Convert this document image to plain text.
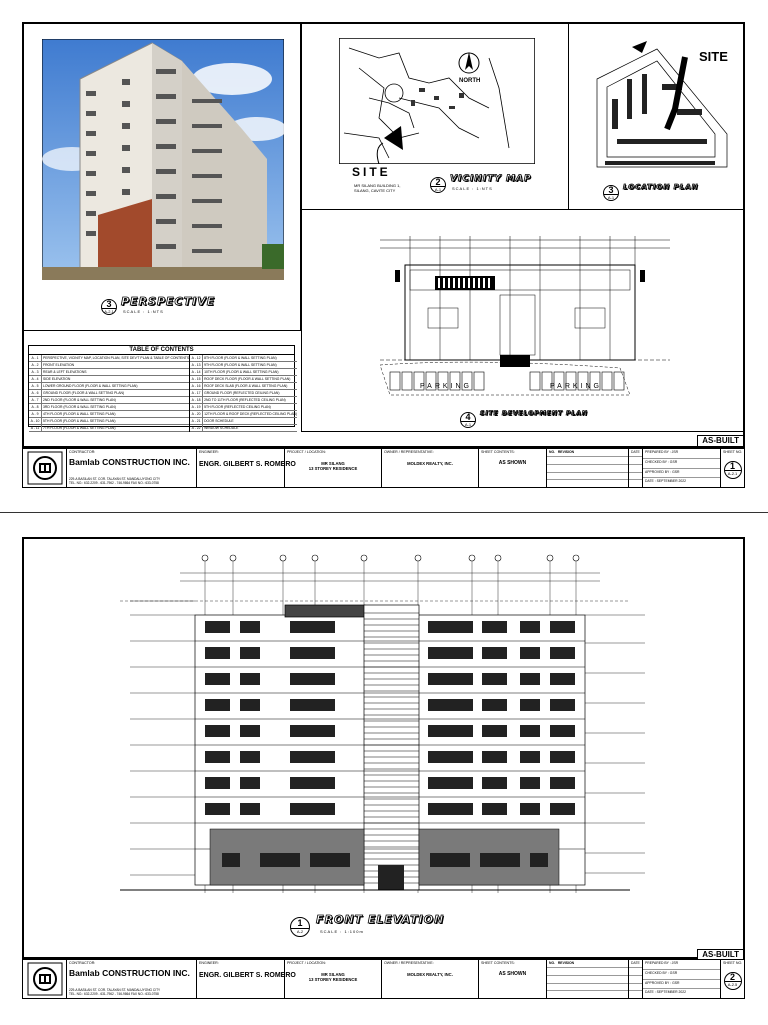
3
A-2.1
PERSPECTIVE
SCALE : 1:NTS
NORTH
SITE
MR SILANG BUILDING 1,
SILANG, CAVITE CITY
2
A-1
VICINITY MAP
SCALE : 1:NTS
SITE
3
A-1
LOCATION PLAN
PARKING	PARKING
4
A-1
SITE DEVELOPMENT PLAN
TABLE OF CONTENTS
A - 1	PERSPECTIVE, VICINITY MAP, LOCATION PLAN, SITE DEV'T PLAN & TABLE OF CONTENTS
A - 2	FRONT ELEVATION
A - 3	REAR & LEFT ELEVATIONS
A - 4	SIDE ELEVATION
A - 5	LOWER GROUND FLOOR (FLOOR & WALL SETTING PLAN)
A - 6	GROUND FLOOR (FLOOR & WALL SETTING PLAN)
A - 7	2ND FLOOR (FLOOR & WALL SETTING PLAN)
A - 8	3RD FLOOR (FLOOR & WALL SETTING PLAN)
A - 9	4TH FLOOR (FLOOR & WALL SETTING PLAN)
A - 10	5TH FLOOR (FLOOR & WALL SETTING PLAN)
A - 11	7TH FLOOR (FLOOR & WALL SETTING PLAN)
A - 12	8TH FLOOR (FLOOR & WALL SETTING PLAN)
A - 13	9TH FLOOR (FLOOR & WALL SETTING PLAN)
A - 14	10TH FLOOR (FLOOR & WALL SETTING PLAN)
A - 15	ROOF DECK FLOOR (FLOOR & WALL SETTING PLAN)
A - 16	ROOF DECK SLAB (FLOOR & WALL SETTING PLAN)
A - 17	GROUND FLOOR (REFLECTED CEILING PLAN)
A - 18	2ND TO 11TH FLOOR (REFLECTED CEILING PLAN)
A - 19	5TH FLOOR (REFLECTED CEILING PLAN)
A - 20	12TH FLOOR & ROOF DECK (REFLECTED CEILING PLAN)
A - 21	DOOR SCHEDULE
A - 22	WINDOW SCHEDULE
AS-BUILT
CONTRACTOR:
Bamlab CONSTRUCTION INC.
229-A BASILAN ST. COR. TALAYAN ST. MANDALUYONG CITY
TEL. NO.: 632-2209 - 631-7962 - 746-9864 FAX NO.: 633-0758
ENGINEER:
ENGR. GILBERT S. ROMERO
PROJECT / LOCATION:
MR SILANG
13 STOREY RESIDENCE
OWNER / REPRESENTATIVE:
MOLDEX REALTY, INC.
SHEET CONTENTS:
AS SHOWN
NO. REVISION	DATE	PREPARED BY : JSR
CHECKED BY : GSR
APPROVED BY : GSR
DATE : SEPTEMBER 2022
SHEET NO.
1
A-2.1
1
A-2
FRONT ELEVATION
SCALE : 1:100m
AS-BUILT
CONTRACTOR:
Bamlab CONSTRUCTION INC.
229-A BASILAN ST. COR. TALAYAN ST. MANDALUYONG CITY
TEL. NO.: 632-2209 - 631-7962 - 746-9864 FAX NO.: 633-0758
ENGINEER:
ENGR. GILBERT S. ROMERO
PROJECT / LOCATION:
MR SILANG
13 STOREY RESIDENCE
OWNER / REPRESENTATIVE:
MOLDEX REALTY, INC.
SHEET CONTENTS:
AS SHOWN
NO. REVISION	DATE	PREPARED BY : JSR
CHECKED BY : GSR
APPROVED BY : GSR
DATE : SEPTEMBER 2022
SHEET NO.
2
A-2.5
